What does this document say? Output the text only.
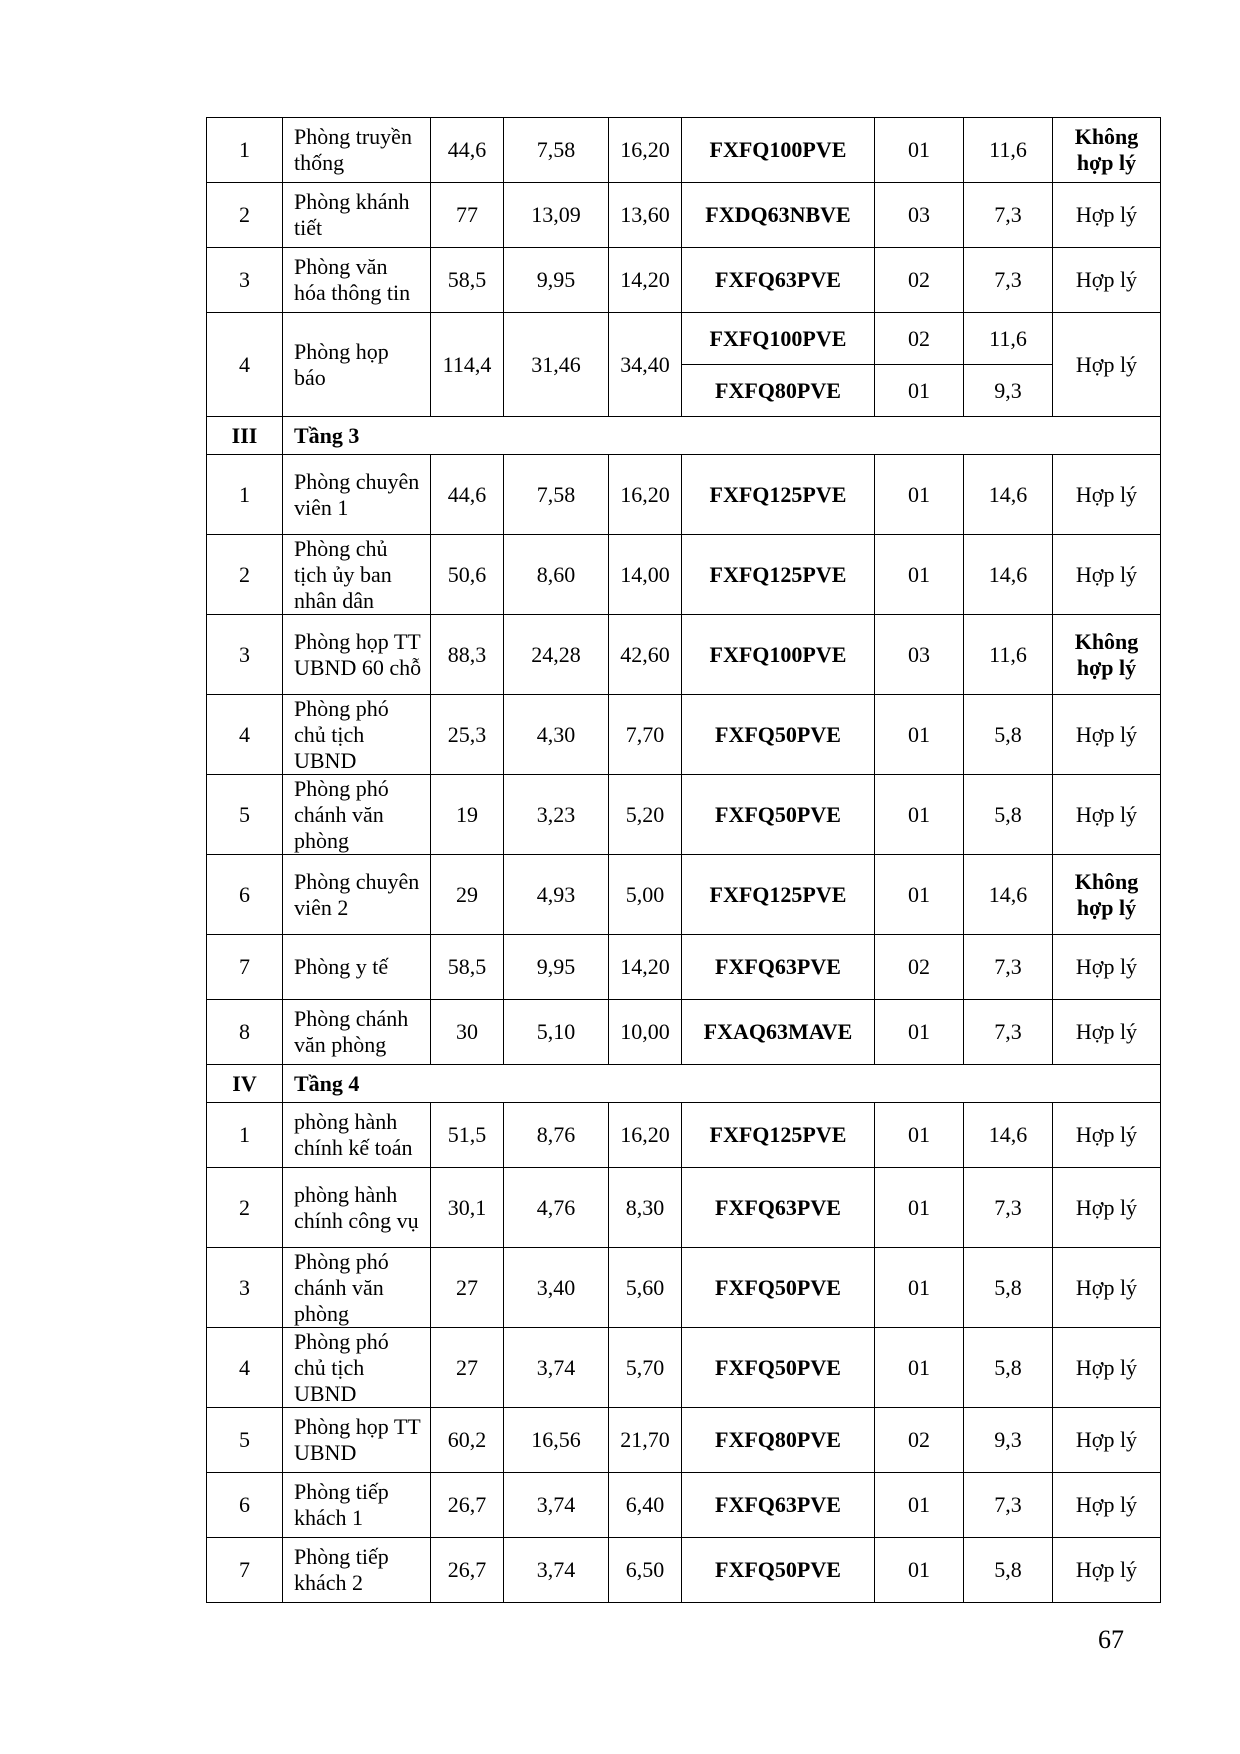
1	Phòng truyền thống	44,6	7,58	16,20	FXFQ100PVE	01	11,6	Không hợp lý
2	Phòng khánh tiết	77	13,09	13,60	FXDQ63NBVE	03	7,3	Hợp lý
3	Phòng văn hóa thông tin	58,5	9,95	14,20	FXFQ63PVE	02	7,3	Hợp lý
4	Phòng họp báo	114,4	31,46	34,40	FXFQ100PVE	02	11,6	Hợp lý
					FXFQ80PVE	01	9,3	
III	Tầng 3							
1	Phòng chuyên viên 1	44,6	7,58	16,20	FXFQ125PVE	01	14,6	Hợp lý
2	Phòng chủ tịch ủy ban nhân dân	50,6	8,60	14,00	FXFQ125PVE	01	14,6	Hợp lý
3	Phòng họp TT UBND 60 chỗ	88,3	24,28	42,60	FXFQ100PVE	03	11,6	Không hợp lý
4	Phòng phó chủ tịch UBND	25,3	4,30	7,70	FXFQ50PVE	01	5,8	Hợp lý
5	Phòng phó chánh văn phòng	19	3,23	5,20	FXFQ50PVE	01	5,8	Hợp lý
6	Phòng chuyên viên 2	29	4,93	5,00	FXFQ125PVE	01	14,6	Không hợp lý
7	Phòng y tế	58,5	9,95	14,20	FXFQ63PVE	02	7,3	Hợp lý
8	Phòng chánh văn phòng	30	5,10	10,00	FXAQ63MAVE	01	7,3	Hợp lý
IV	Tầng 4							
1	phòng hành chính kế toán	51,5	8,76	16,20	FXFQ125PVE	01	14,6	Hợp lý
2	phòng hành chính công vụ	30,1	4,76	8,30	FXFQ63PVE	01	7,3	Hợp lý
3	Phòng phó chánh văn phòng	27	3,40	5,60	FXFQ50PVE	01	5,8	Hợp lý
4	Phòng phó chủ tịch UBND	27	3,74	5,70	FXFQ50PVE	01	5,8	Hợp lý
5	Phòng họp TT UBND	60,2	16,56	21,70	FXFQ80PVE	02	9,3	Hợp lý
6	Phòng tiếp khách 1	26,7	3,74	6,40	FXFQ63PVE	01	7,3	Hợp lý
7	Phòng tiếp khách 2	26,7	3,74	6,50	FXFQ50PVE	01	5,8	Hợp lý
67
